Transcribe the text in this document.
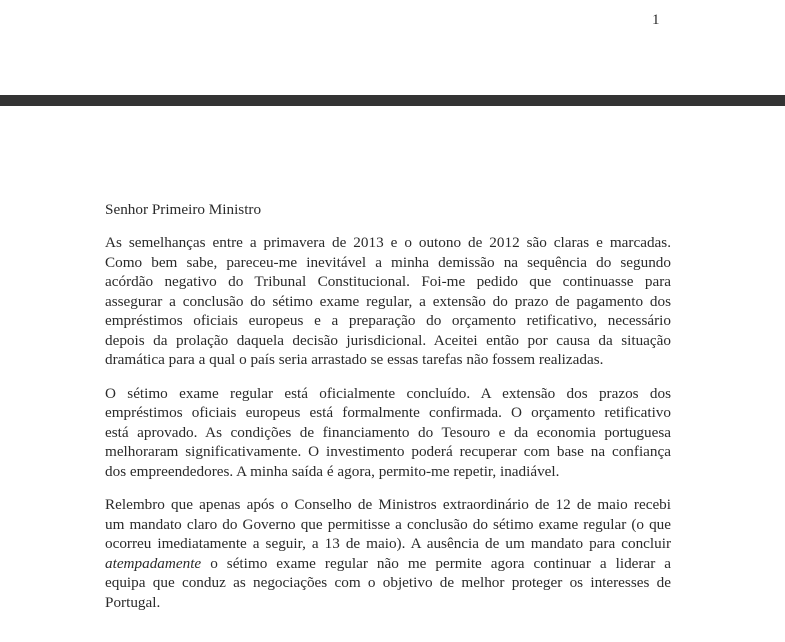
1
Senhor Primeiro Ministro
As semelhanças entre a primavera de 2013 e o outono de 2012 são claras e marcadas.
Como bem sabe, pareceu-me inevitável a minha demissão na sequência do segundo
acórdão negativo do Tribunal Constitucional. Foi-me pedido que continuasse para
assegurar a conclusão do sétimo exame regular, a extensão do prazo de pagamento dos
empréstimos oficiais europeus e a preparação do orçamento retificativo, necessário
depois da prolação daquela decisão jurisdicional. Aceitei então por causa da situação
dramática para a qual o país seria arrastado se essas tarefas não fossem realizadas.
O sétimo exame regular está oficialmente concluído. A extensão dos prazos dos
empréstimos oficiais europeus está formalmente confirmada. O orçamento retificativo
está aprovado. As condições de financiamento do Tesouro e da economia portuguesa
melhoraram significativamente. O investimento poderá recuperar com base na confiança
dos empreendedores. A minha saída é agora, permito-me repetir, inadiável.
Relembro que apenas após o Conselho de Ministros extraordinário de 12 de maio recebi
um mandato claro do Governo que permitisse a conclusão do sétimo exame regular (o que
ocorreu imediatamente a seguir, a 13 de maio). A ausência de um mandato para concluir
atempadamente o sétimo exame regular não me permite agora continuar a liderar a
equipa que conduz as negociações com o objetivo de melhor proteger os interesses de
Portugal.
